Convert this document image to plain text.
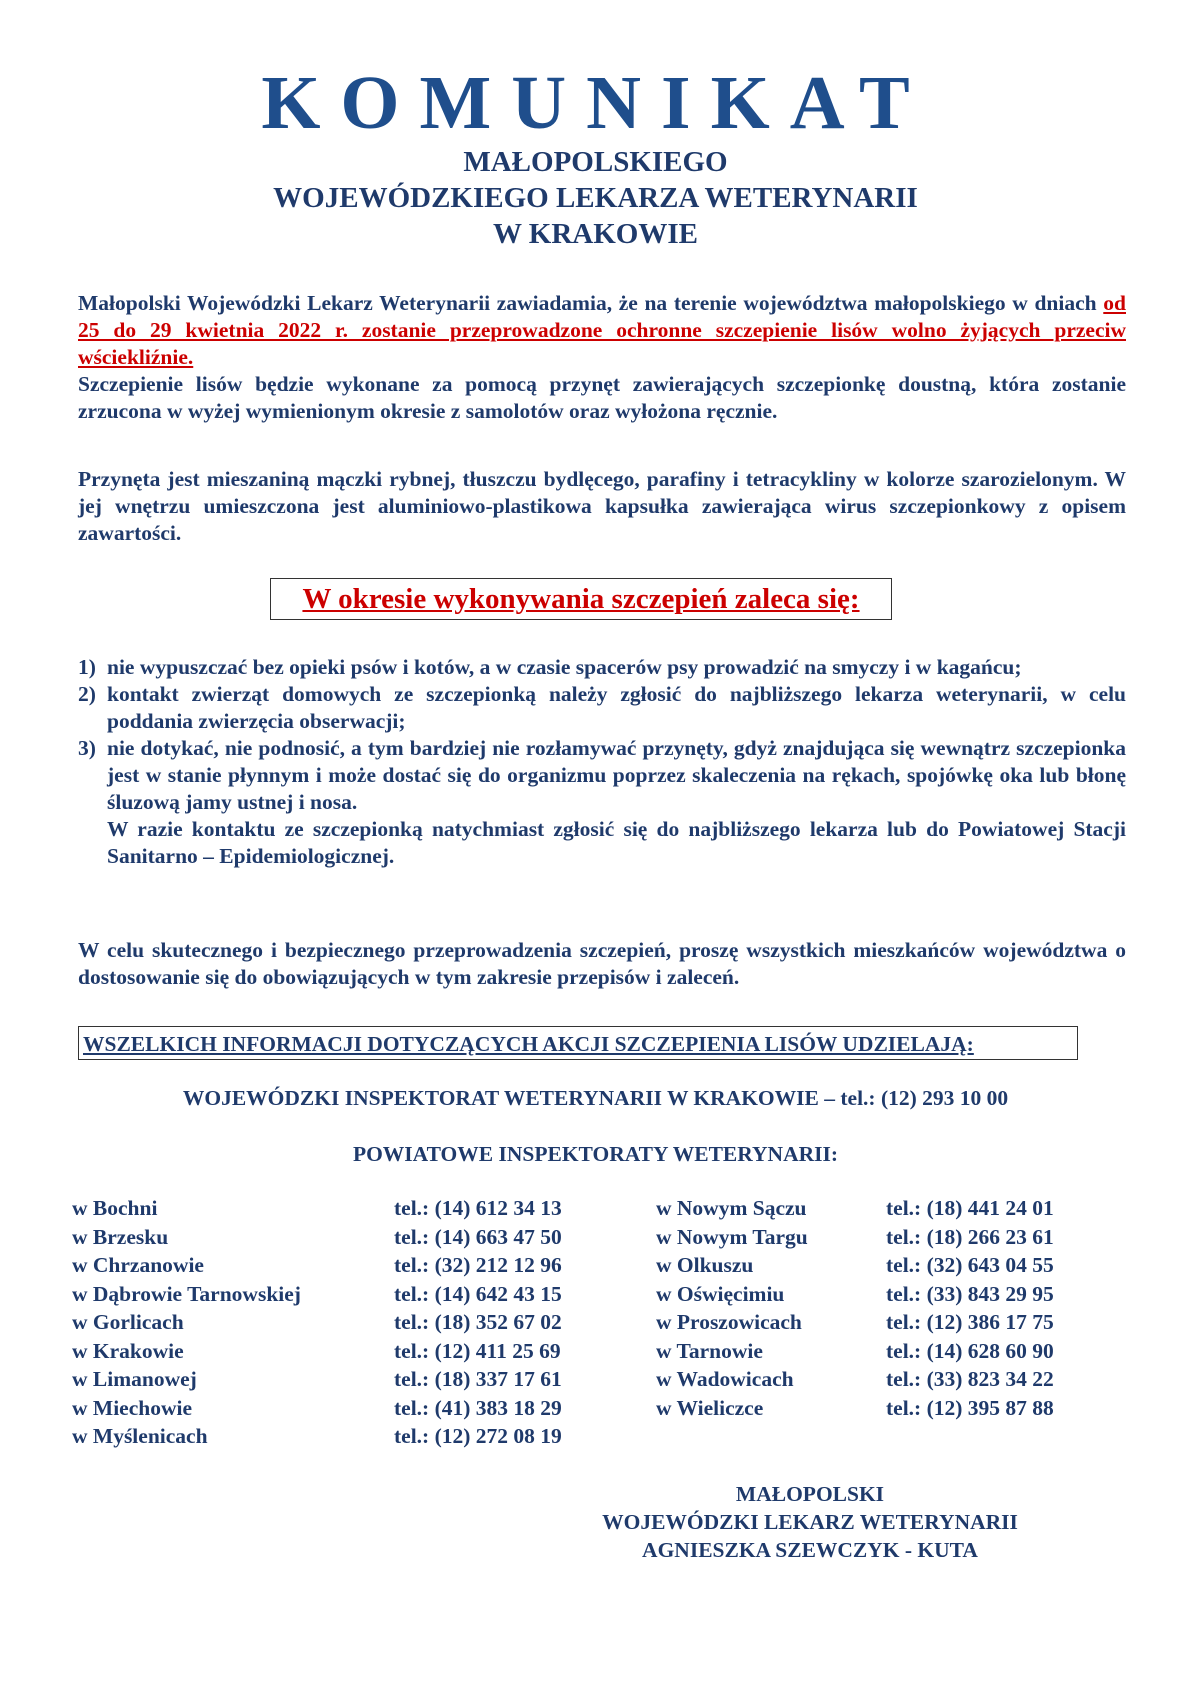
KOMUNIKAT
MAŁOPOLSKIEGO
WOJEWÓDZKIEGO LEKARZA WETERYNARII
W KRAKOWIE
Małopolski Wojewódzki Lekarz Weterynarii zawiadamia, że na terenie województwa małopolskiego w dniach od 25 do 29 kwietnia 2022 r. zostanie przeprowadzone ochronne szczepienie lisów wolno żyjących przeciw wściekliźnie.
Szczepienie lisów będzie wykonane za pomocą przynęt zawierających szczepionkę doustną, która zostanie zrzucona w wyżej wymienionym okresie z samolotów oraz wyłożona ręcznie.
Przynęta jest mieszaniną mączki rybnej, tłuszczu bydlęcego, parafiny i tetracykliny w kolorze szarozielonym. W jej wnętrzu umieszczona jest aluminiowo-plastikowa kapsułka zawierająca wirus szczepionkowy z opisem zawartości.
W okresie wykonywania szczepień zaleca się:
1) nie wypuszczać bez opieki psów i kotów, a w czasie spacerów psy prowadzić na smyczy i w kagańcu;
2) kontakt zwierząt domowych ze szczepionką należy zgłosić do najbliższego lekarza weterynarii, w celu poddania zwierzęcia obserwacji;
3) nie dotykać, nie podnosić, a tym bardziej nie rozłamywać przynęty, gdyż znajdująca się wewnątrz szczepionka jest w stanie płynnym i może dostać się do organizmu poprzez skaleczenia na rękach, spojówkę oka lub błonę śluzową jamy ustnej i nosa.
W razie kontaktu ze szczepionką natychmiast zgłosić się do najbliższego lekarza lub do Powiatowej Stacji Sanitarno – Epidemiologicznej.
W celu skutecznego i bezpiecznego przeprowadzenia szczepień, proszę wszystkich mieszkańców województwa o dostosowanie się do obowiązujących w tym zakresie przepisów i zaleceń.
WSZELKICH INFORMACJI DOTYCZĄCYCH AKCJI SZCZEPIENIA LISÓW UDZIELAJĄ:
WOJEWÓDZKI INSPEKTORAT WETERYNARII W KRAKOWIE – tel.: (12) 293 10 00
POWIATOWE INSPEKTORATY WETERYNARII:
w Bochni	tel.: (14) 612 34 13
w Brzesku	tel.: (14) 663 47 50
w Chrzanowie	tel.: (32) 212 12 96
w Dąbrowie Tarnowskiej	tel.: (14) 642 43 15
w Gorlicach	tel.: (18) 352 67 02
w Krakowie	tel.: (12) 411 25 69
w Limanowej	tel.: (18) 337 17 61
w Miechowie	tel.: (41) 383 18 29
w Myślenicach	tel.: (12) 272 08 19
w Nowym Sączu	tel.: (18) 441 24 01
w Nowym Targu	tel.: (18) 266 23 61
w Olkuszu	tel.: (32) 643 04 55
w Oświęcimiu	tel.: (33) 843 29 95
w Proszowicach	tel.: (12) 386 17 75
w Tarnowie	tel.: (14) 628 60 90
w Wadowicach	tel.: (33) 823 34 22
w Wieliczce	tel.: (12) 395 87 88
MAŁOPOLSKI
WOJEWÓDZKI LEKARZ WETERYNARII
AGNIESZKA SZEWCZYK - KUTA
